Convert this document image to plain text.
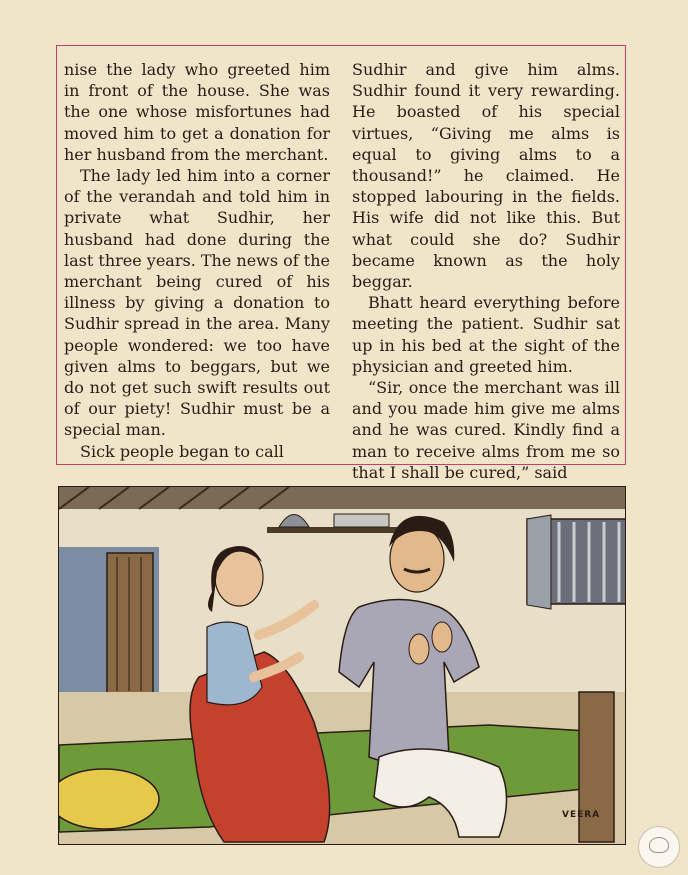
nise the lady who greeted him in front of the house. She was the one whose misfortunes had moved him to get a donation for her husband from the merchant.

The lady led him into a corner of the verandah and told him in private what Sudhir, her husband had done during the last three years. The news of the merchant being cured of his illness by giving a donation to Sudhir spread in the area. Many people wondered: we too have given alms to beggars, but we do not get such swift results out of our piety! Sudhir must be a special man.

Sick people began to call

Sudhir and give him alms. Sudhir found it very rewarding. He boasted of his special virtues, “Giving me alms is equal to giving alms to a thousand!” he claimed. He stopped labouring in the fields. His wife did not like this. But what could she do? Sudhir became known as the holy beggar.

Bhatt heard everything before meeting the patient. Sudhir sat up in his bed at the sight of the physician and greeted him.

“Sir, once the merchant was ill and you made him give me alms and he was cured. Kindly find a man to receive alms from me so that I shall be cured,” said

VEERA
